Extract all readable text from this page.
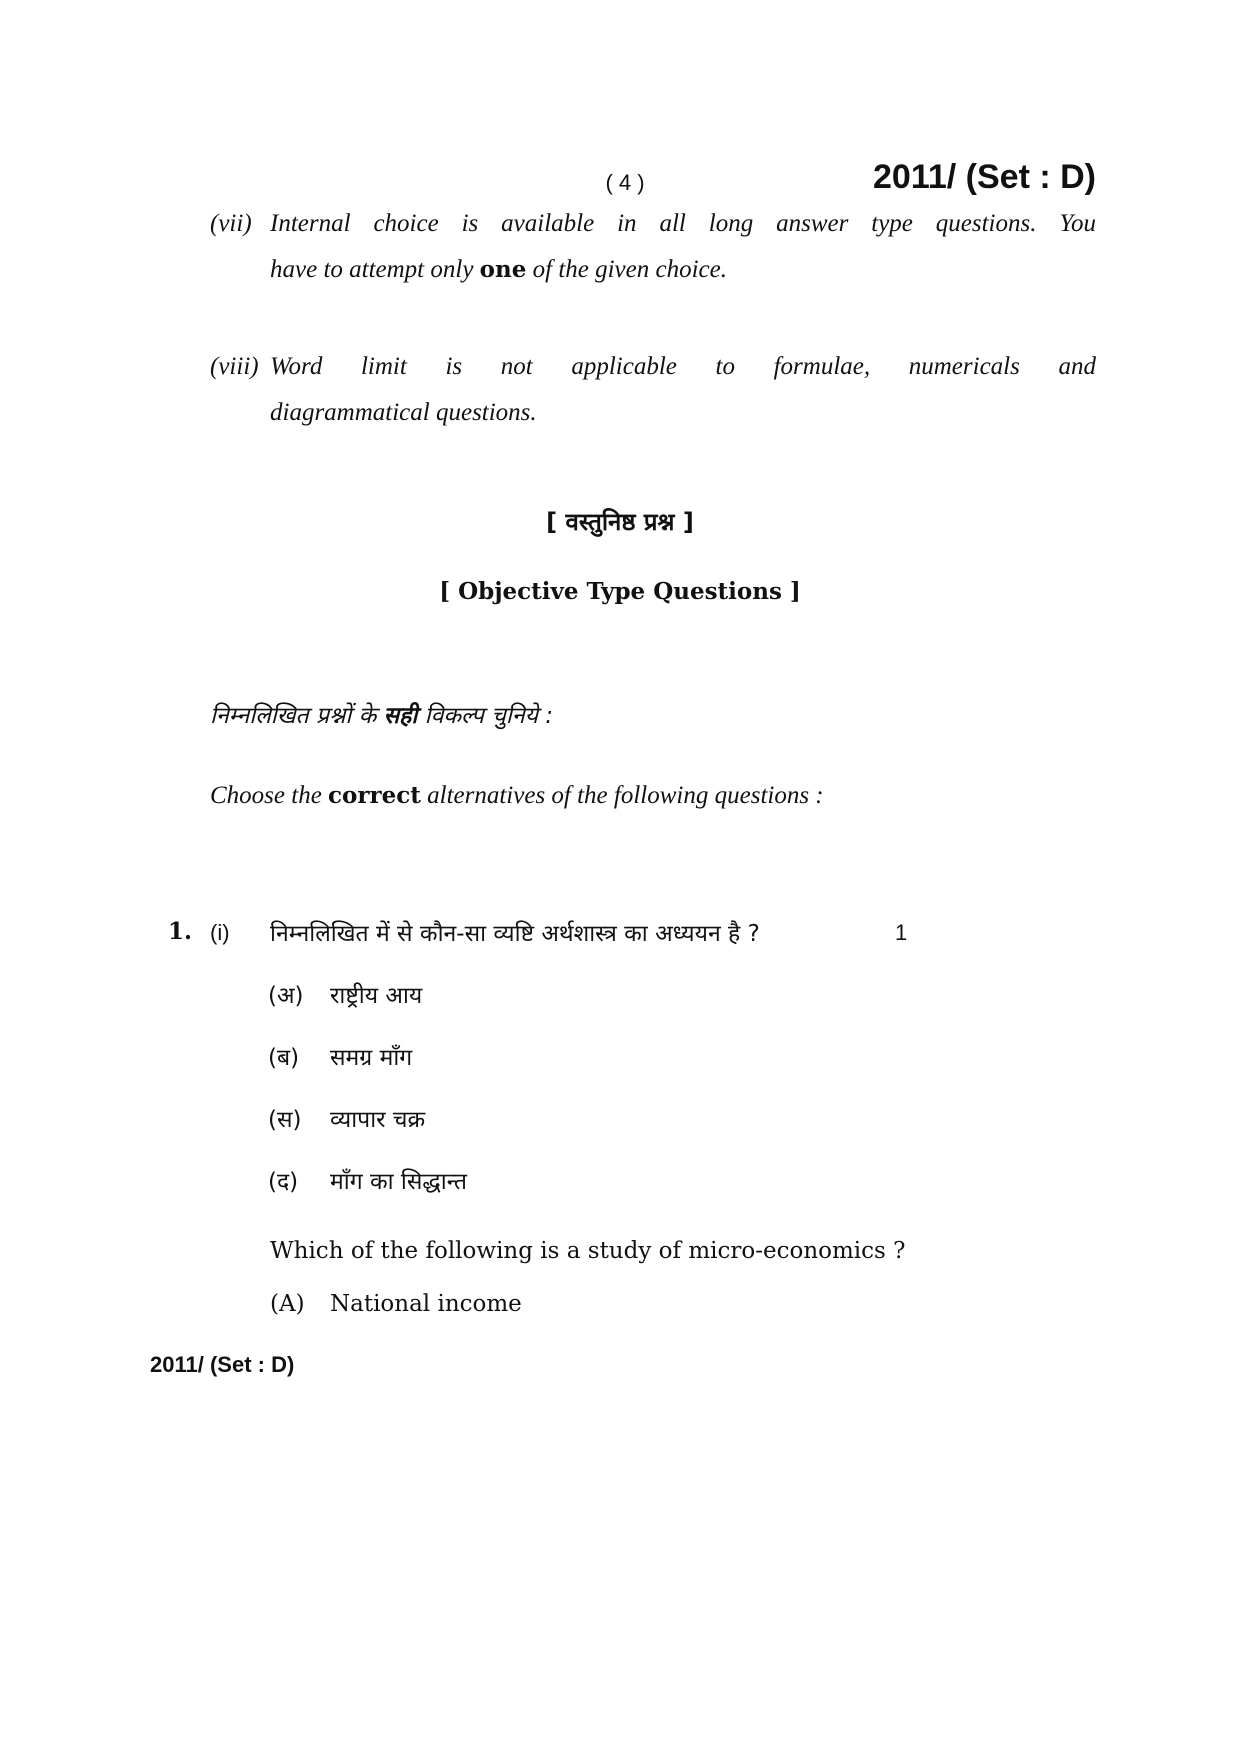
( 4 )	2011/ (Set : D)
(vii) Internal choice is available in all long answer type questions. You
have to attempt only one of the given choice.
(viii) Word limit is not applicable to formulae, numericals and
diagrammatical questions.
[ वस्तुनिष्ठ प्रश्न ]
[ Objective Type Questions ]
निम्नलिखित प्रश्नों के सही विकल्प चुनिये :
Choose the correct alternatives of the following questions :
1. (i) निम्नलिखित में से कौन-सा व्यष्टि अर्थशास्त्र का अध्ययन है ?	1
(अ) राष्ट्रीय आय
(ब) समग्र माँग
(स) व्यापार चक्र
(द) माँग का सिद्धान्त
Which of the following is a study of micro-economics ?
(A) National income
2011/ (Set : D)
